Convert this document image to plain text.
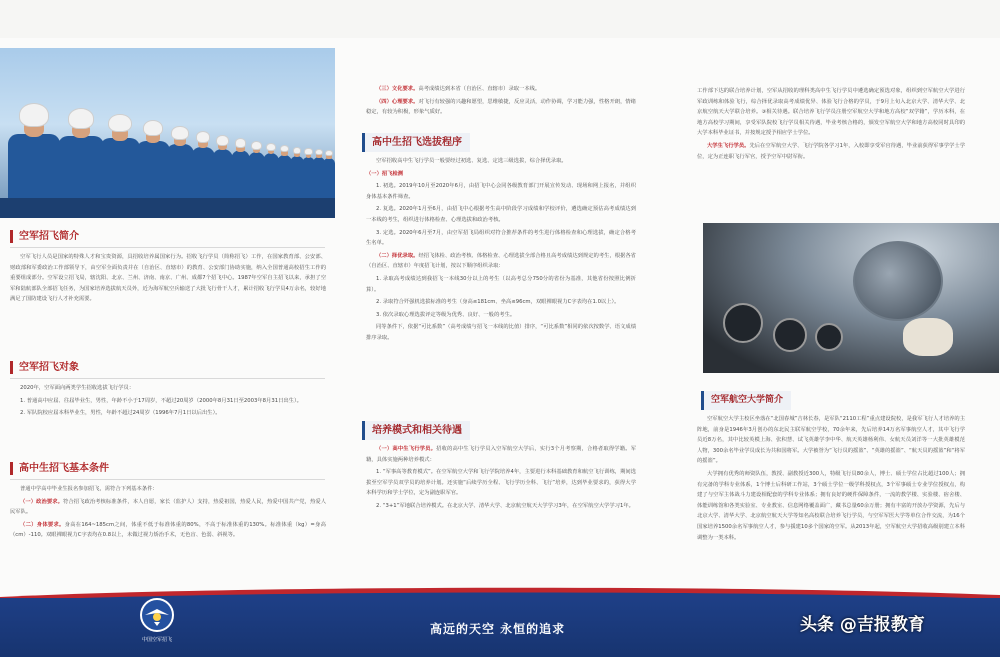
空军招飞简介

空军飞行人员是国家的特殊人才和宝贵资源，具招收培养属国家行为。招收飞行学员（简称招飞）工作，在国家教育部、公安部、财政部和军委政治工作部领导下，由空军全面负责并在（自治区、直辖市）的教育、公安部门协助实施，纳入全国普通高校招生工作的重要组成部分。空军设立招飞局，辖沈阳、北京、兰州、济南、南京、广州、成都7个招飞中心。1987年空军自主招飞以来，承担了空军和陆航部队全部招飞任务，为国家培养选拔航天员外，近为海军航空兵输送了大批飞行骨干人才，累计招收飞行学员4万余名，较好地满足了国防建设飞行人才补充需要。

空军招飞对象

2020年，空军面向两类学生招收选拔飞行学员：

1. 普通高中应届、往届毕业生，男性，年龄不小于17周岁，不超过20周岁（2000年8月31日至2003年8月31日出生）。

2. 军队院校应届本科毕业生，男性，年龄不超过24周岁（1996年7月1日以后出生）。

高中生招飞基本条件

普通中学高中毕业生报名参加招飞，需符合下列基本条件：

（一）政治要求。符合招飞政治考核标准条件，本人自愿，家长（监护人）支持，热爱祖国，热爱人民，热爱中国共产党，热爱人民军队。

（二）身体要求。身高在164~185cm之间，体重不低于标准体重的80%，不高于标准体重的130%。标准体重（kg）=身高（cm）-110。双眼裸眼视力C字表均在0.8以上，未做过视力矫治手术，无色盲、色弱、斜视等。

（三）文化要求。高考成绩达到本省（自治区、直辖市）录取一本线。

（四）心理要求。对飞行有较强的兴趣和愿望，思维敏捷，反应灵活，动作协调，学习能力强，性格开朗，情绪稳定，有较为积极，形象气质好。

高中生招飞选拔程序

空军招收高中生飞行学员一般要经过初选、复选、定选三级选拔，综合择优录取。

（一）招飞检测

1. 初选。2019年10月至2020年6月，由招飞中心会同各级教育部门开展宣传发动、现场和网上报名，并组织身体基本条件筛查。

2. 复选。2020年1月至6月，由招飞中心根据考生高中阶段学习成绩和学校评价，遴选确定预估高考成绩达到一本线的考生，组织进行体格检查、心理选拔和政治考核。

3. 定选。2020年6月至7月，由空军招飞局组织对符合推荐条件的考生进行体格检查和心理选拔，确定合格考生名单。

（二）择优录取。经招飞体检、政治考核、体格检查、心理选拔全部合格且高考成绩达到规定的考生，根据各省（自治区、直辖市）年度招飞计划，按以下顺序组织录取：

1. 录取高考成绩达到我招飞一本线30分以上的考生（以高考总分750分的省份为基准，其他省份按照比例折算）。

2. 录取符合歼强机选拔标准的考生（身高≤181cm、坐高≤96cm，双眼裸眼视力C字表均在1.0以上）。

3. 依次录取心理选拔评定等级为优秀、良好、一般的考生。

同等条件下，依据“可比系数”（高考成绩与招飞一本线的比值）排序，“可比系数”相同的依次按数学、语文成绩排序录取。

培养模式和相关待遇

（一）高中生飞行学员。招收的高中生飞行学员入空军航空大学后，实行3个月考察期，合格者取得学籍。军籍，具体实施两种培养模式：

1. “军事高等教育模式”。在空军航空大学和飞行学院培养4年，主要进行本科基础教育和航空飞行训练，期间选拔至空军学员双学员的培养计划。还实施“后续学历全程、飞行学历全科、飞行”培养，达到毕业要求的，获得大学本科学历和学士学位，定为副连职军官。

2. “3+1”军地联合培养模式。在北京大学、清华大学、北京航空航天大学学习3年，在空军航空大学学习1年。

工作部下达的联合培养计划，空军从招收的理科类高中生飞行学员中遴选确定预选对象，组织到空军航空大学进行军政训练和体验飞行，综合择优录取高考成绩优异、体验飞行合格的学员，于9月上旬入北京大学、清华大学、北京航空航天大学联合培养。③相关待遇。联合培养飞行学员注册空军航空大学和地方高校“双学籍”，学历本科，在地方高校学习期间，享受军队院校飞行学员相关待遇，毕业考核合格的，颁发空军航空大学和地方高校同时具印的大学本科毕业证书，并按规定授予相应学士学位。

大学生飞行学员。先后在空军航空大学、飞行学院各学习1年，入校即享受军官待遇，毕业前获得军事学学士学位，定为正连职飞行军官，授予空军中尉军衔。

空军航空大学简介

空军航空大学主校区坐落在“北国春城”吉林长春，是军队“2110工程”重点建设院校，是我军飞行人才培养的主阵地，前身是1946年3月创办的东北民主联军航空学校，70余年来，先后培养14万名军事航空人才，其中飞行学员近8万名，其中比较英模上海、张积慧、试飞英雄学李中华、航天英雄杨利伟、女航天员刘洋等一大批英雄模范人物，300余名毕业学员成长为共和国将军。大学被誉为“飞行员的摇篮”、“英雄的摇篮”、“航天员的摇篮”和“将军的摇篮”。

大学拥有优秀的师资队伍，教授、副教授近300人，特级飞行员80余人，博士、硕士学位占比超过100人；拥有完备的学科专业体系，1个博士后科研工作站，3个硕士学位一级学科授权点，3个军事硕士专业学位授权点，构建了与空军主体战斗力建设相配套的学科专业体系；拥有良好的硬件保障条件，一流的教学楼、实验楼、宿舍楼、体能训练馆和各类实验室、专业教室、信息网络覆盖面广，藏书总量60余万册；拥有丰富的开放办学资源，先后与北京大学、清华大学、北京航空航天大学等知名高校联合培养飞行学员，与空军军医大学等单位合作交流，为16个国家培养1500余名军事航空人才，参与援建10多个国家的空军。从2013年起，空军航空大学招收高级别建立本科调整为一类本科。

中国空军招飞
高远的天空 永恒的追求	头条 @吉报教育
